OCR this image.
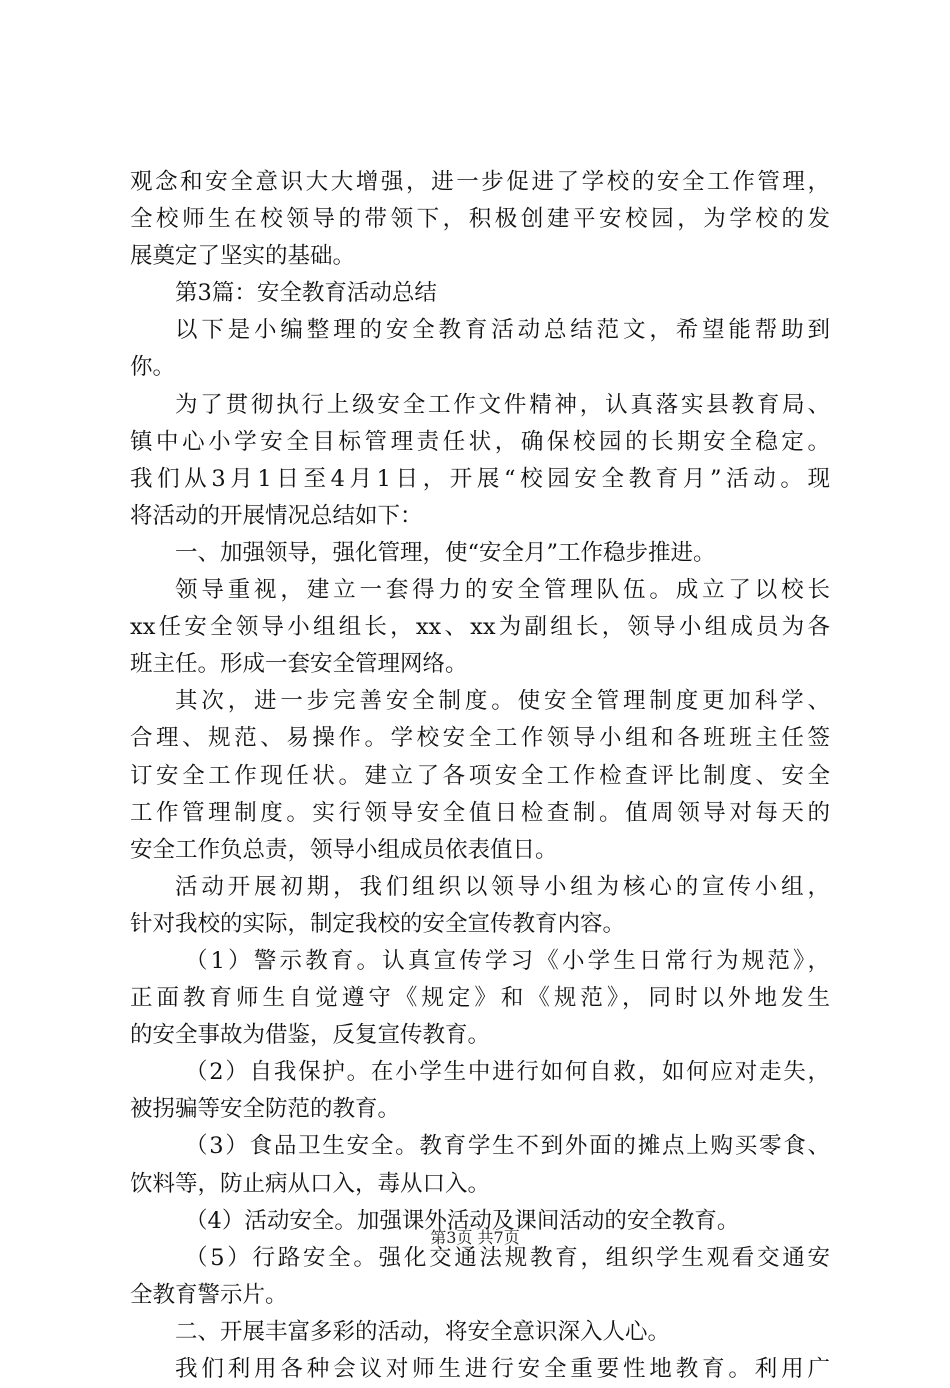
观念和安全意识大大增强，进一步促进了学校的安全工作管理，
全校师生在校领导的带领下，积极创建平安校园，为学校的发
展奠定了坚实的基础。
第3篇：安全教育活动总结
以下是小编整理的安全教育活动总结范文，希望能帮助到
你。
为了贯彻执行上级安全工作文件精神，认真落实县教育局、
镇中心小学安全目标管理责任状，确保校园的长期安全稳定。
我们从3月1日至4月1日，开展“校园安全教育月”活动。现
将活动的开展情况总结如下：
一、加强领导，强化管理，使“安全月”工作稳步推进。
领导重视，建立一套得力的安全管理队伍。成立了以校长
xx任安全领导小组组长，xx、xx为副组长，领导小组成员为各
班主任。形成一套安全管理网络。
其次，进一步完善安全制度。使安全管理制度更加科学、
合理、规范、易操作。学校安全工作领导小组和各班班主任签
订安全工作现任状。建立了各项安全工作检查评比制度、安全
工作管理制度。实行领导安全值日检查制。值周领导对每天的
安全工作负总责，领导小组成员依表值日。
活动开展初期，我们组织以领导小组为核心的宣传小组，
针对我校的实际，制定我校的安全宣传教育内容。
（1）警示教育。认真宣传学习《小学生日常行为规范》，
正面教育师生自觉遵守《规定》和《规范》，同时以外地发生
的安全事故为借鉴，反复宣传教育。
（2）自我保护。在小学生中进行如何自救，如何应对走失，
被拐骗等安全防范的教育。
（3）食品卫生安全。教育学生不到外面的摊点上购买零食、
饮料等，防止病从口入，毒从口入。
（4）活动安全。加强课外活动及课间活动的安全教育。
（5）行路安全。强化交通法规教育，组织学生观看交通安
全教育警示片。
二、开展丰富多彩的活动，将安全意识深入人心。
我们利用各种会议对师生进行安全重要性地教育。利用广
第3页 共7页
